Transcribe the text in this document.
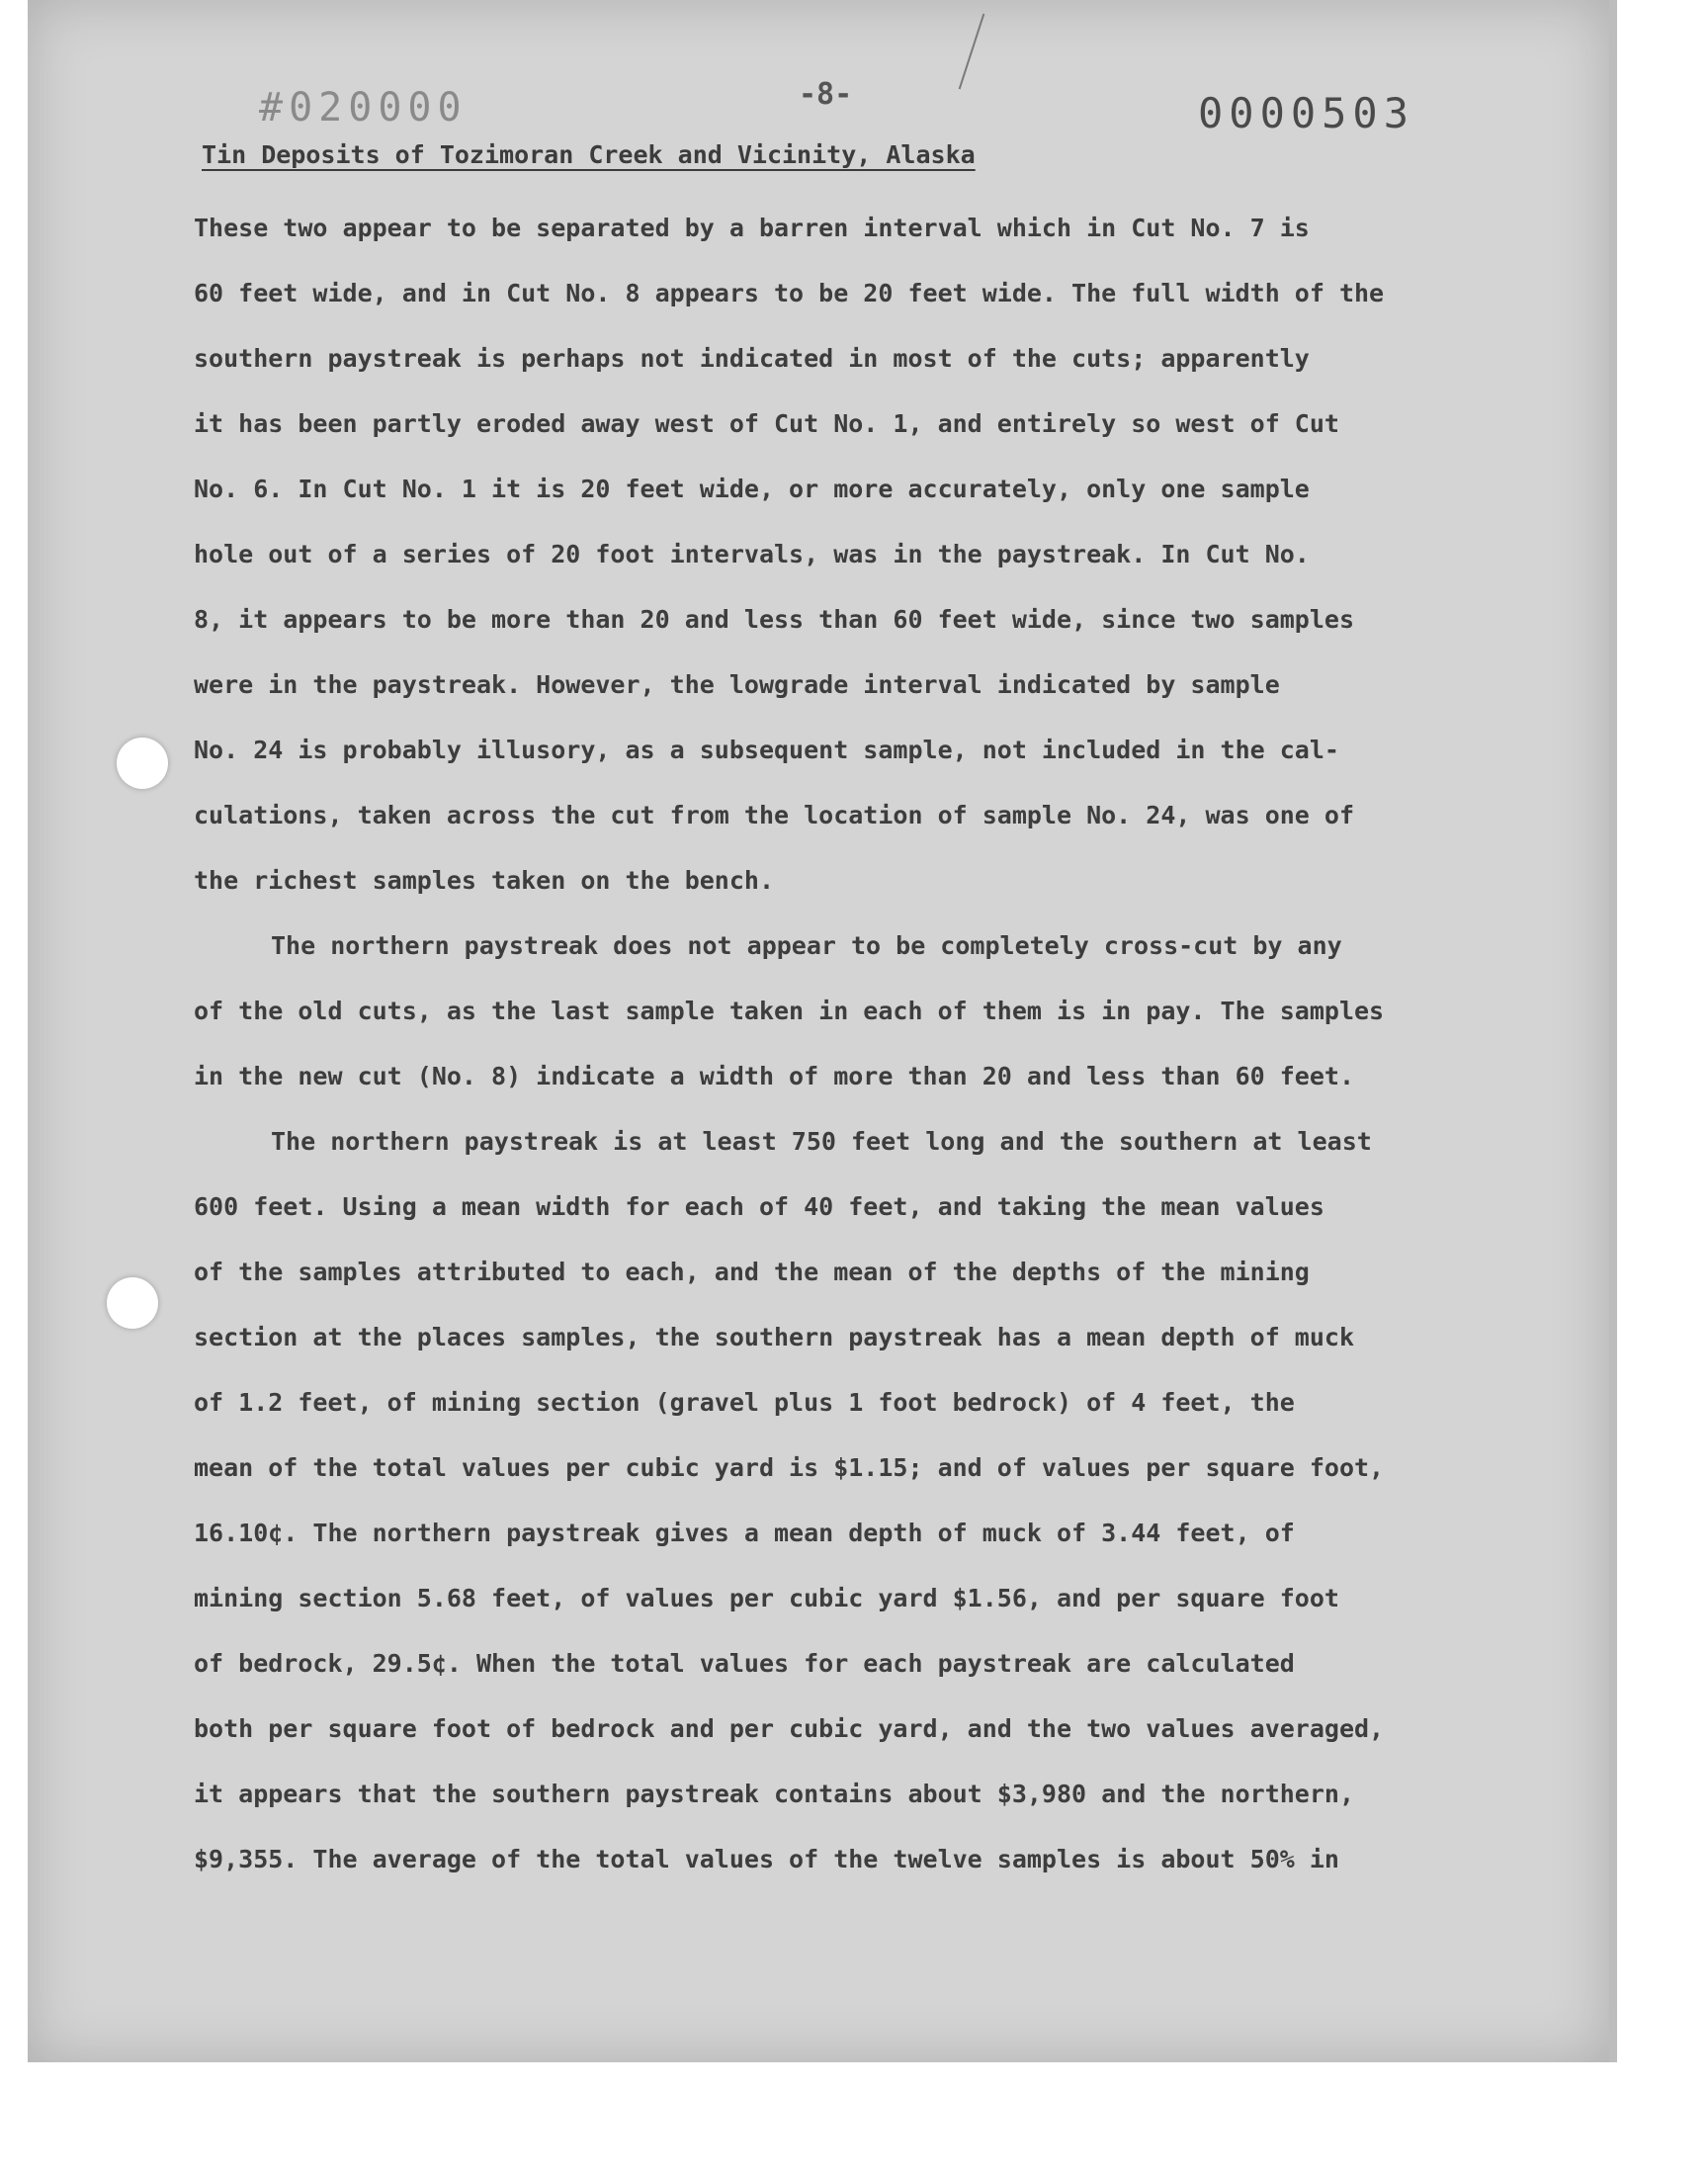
#020000	-8-	0000503
Tin Deposits of Tozimoran Creek and Vicinity, Alaska
These two appear to be separated by a barren interval which in Cut No. 7 is
60 feet wide, and in Cut No. 8 appears to be 20 feet wide. The full width of the
southern paystreak is perhaps not indicated in most of the cuts; apparently
it has been partly eroded away west of Cut No. 1, and entirely so west of Cut
No. 6. In Cut No. 1 it is 20 feet wide, or more accurately, only one sample
hole out of a series of 20 foot intervals, was in the paystreak. In Cut No.
8, it appears to be more than 20 and less than 60 feet wide, since two samples
were in the paystreak. However, the lowgrade interval indicated by sample
No. 24 is probably illusory, as a subsequent sample, not included in the cal-
culations, taken across the cut from the location of sample No. 24, was one of
the richest samples taken on the bench.
The northern paystreak does not appear to be completely cross-cut by any
of the old cuts, as the last sample taken in each of them is in pay. The samples
in the new cut (No. 8) indicate a width of more than 20 and less than 60 feet.
The northern paystreak is at least 750 feet long and the southern at least
600 feet. Using a mean width for each of 40 feet, and taking the mean values
of the samples attributed to each, and the mean of the depths of the mining
section at the places samples, the southern paystreak has a mean depth of muck
of 1.2 feet, of mining section (gravel plus 1 foot bedrock) of 4 feet, the
mean of the total values per cubic yard is $1.15; and of values per square foot,
16.10¢. The northern paystreak gives a mean depth of muck of 3.44 feet, of
mining section 5.68 feet, of values per cubic yard $1.56, and per square foot
of bedrock, 29.5¢. When the total values for each paystreak are calculated
both per square foot of bedrock and per cubic yard, and the two values averaged,
it appears that the southern paystreak contains about $3,980 and the northern,
$9,355. The average of the total values of the twelve samples is about 50% in
